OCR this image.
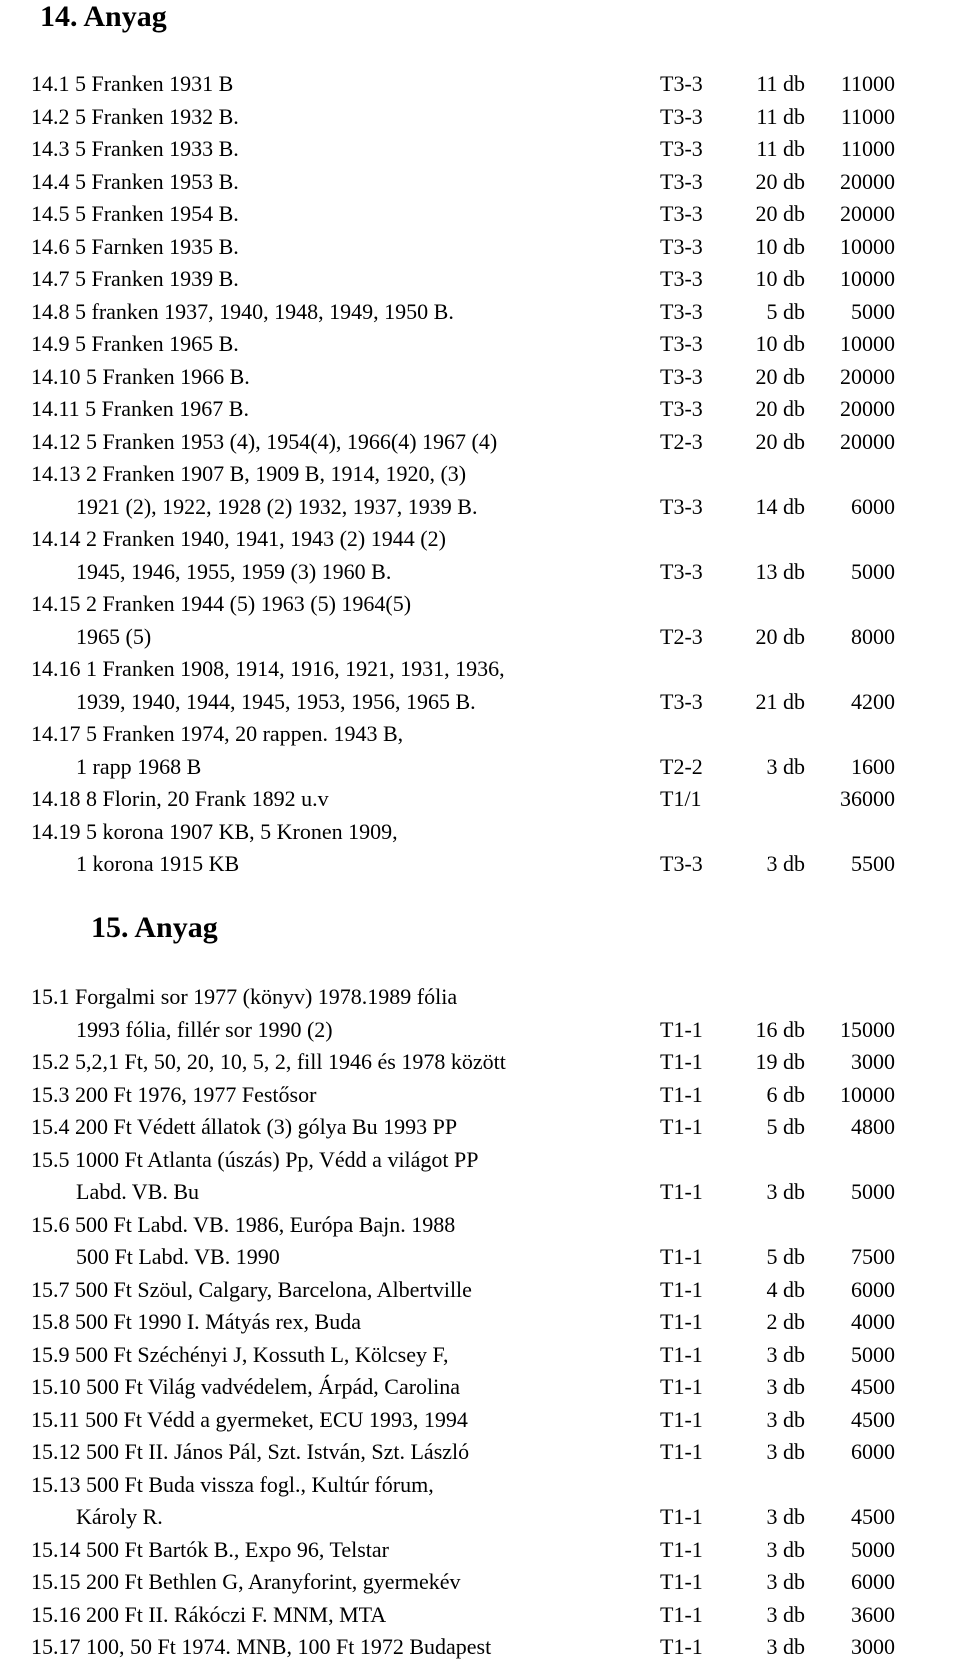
14. Anyag
14.1 5 Franken 1931 B	T3-3 11 db 11000
14.2 5 Franken 1932 B.	T3-3 11 db 11000
14.3 5 Franken 1933 B.	T3-3 11 db 11000
14.4 5 Franken 1953 B.	T3-3 20 db 20000
14.5 5 Franken 1954 B.	T3-3 20 db 20000
14.6 5 Farnken 1935 B.	T3-3 10 db 10000
14.7 5 Franken 1939 B.	T3-3 10 db 10000
14.8 5 franken 1937, 1940, 1948, 1949, 1950 B.	T3-3	5 db 5000
14.9 5 Franken 1965 B.	T3-3 10 db 10000
14.10 5 Franken 1966 B.	T3-3 20 db 20000
14.11 5 Franken 1967 B.	T3-3 20 db 20000
14.12 5 Franken 1953 (4), 1954(4), 1966(4) 1967 (4)	T2-3 20 db 20000
14.13 2 Franken 1907 B, 1909 B, 1914, 1920, (3)
1921 (2), 1922, 1928 (2) 1932, 1937, 1939 B.	T3-3 14 db 6000
14.14 2 Franken 1940, 1941, 1943 (2) 1944 (2)
1945, 1946, 1955, 1959 (3) 1960 B.	T3-3 13 db 5000
14.15 2 Franken 1944 (5) 1963 (5) 1964(5)
1965 (5)	T2-3 20 db 8000
14.16 1 Franken 1908, 1914, 1916, 1921, 1931, 1936,
1939, 1940, 1944, 1945, 1953, 1956, 1965 B.	T3-3 21 db 4200
14.17 5 Franken 1974, 20 rappen. 1943 B,
1 rapp 1968 B	T2-2	3 db 1600
14.18 8 Florin, 20 Frank 1892 u.v	T1/1	36000
14.19 5 korona 1907 KB, 5 Kronen 1909,
1 korona 1915 KB	T3-3	3 db 5500
15. Anyag
15.1 Forgalmi sor 1977 (könyv) 1978.1989 fólia
1993 fólia, fillér sor 1990 (2)	T1-1 16 db 15000
15.2 5,2,1 Ft, 50, 20, 10, 5, 2, fill 1946 és 1978 között	T1-1 19 db 3000
15.3 200 Ft 1976, 1977 Festősor	T1-1	6 db 10000
15.4 200 Ft Védett állatok (3) gólya Bu 1993 PP	T1-1	5 db 4800
15.5 1000 Ft Atlanta (úszás) Pp, Védd a világot PP
Labd. VB. Bu	T1-1	3 db 5000
15.6 500 Ft Labd. VB. 1986, Európa Bajn. 1988
500 Ft Labd. VB. 1990	T1-1	5 db 7500
15.7 500 Ft Szöul, Calgary, Barcelona, Albertville	T1-1	4 db 6000
15.8 500 Ft 1990 I. Mátyás rex, Buda	T1-1	2 db 4000
15.9 500 Ft Széchényi J, Kossuth L, Kölcsey F,	T1-1	3 db 5000
15.10 500 Ft Világ vadvédelem, Árpád, Carolina	T1-1	3 db 4500
15.11 500 Ft Védd a gyermeket, ECU 1993, 1994	T1-1	3 db 4500
15.12 500 Ft II. János Pál, Szt. István, Szt. László	T1-1	3 db 6000
15.13 500 Ft Buda vissza fogl., Kultúr fórum,
Károly R.	T1-1	3 db 4500
15.14 500 Ft Bartók B., Expo 96, Telstar	T1-1	3 db 5000
15.15 200 Ft Bethlen G, Aranyforint, gyermekév	T1-1	3 db 6000
15.16 200 Ft II. Rákóczi F. MNM, MTA	T1-1	3 db 3600
15.17 100, 50 Ft 1974. MNB, 100 Ft 1972 Budapest	T1-1	3 db 3000
